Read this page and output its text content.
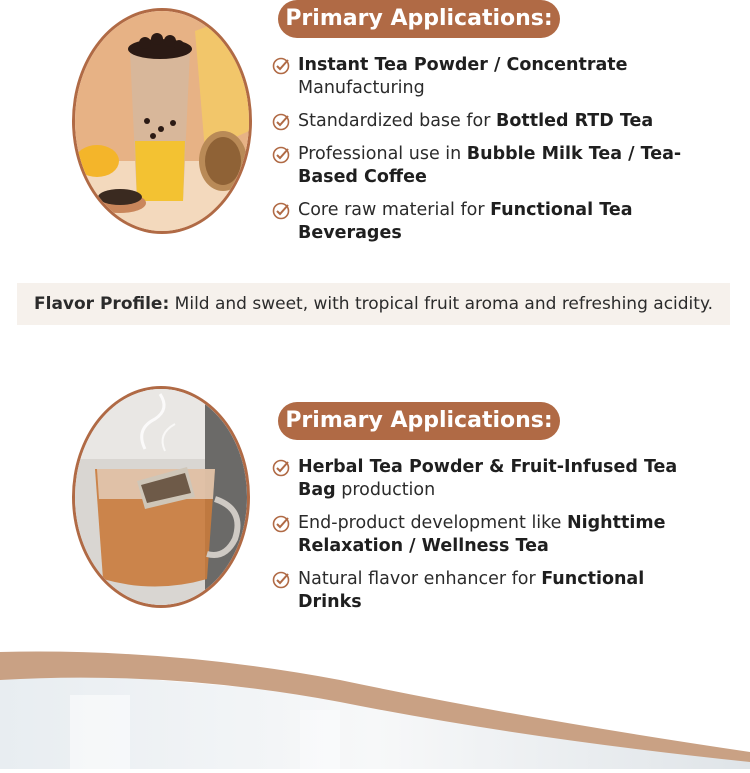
Primary Applications:
Instant Tea Powder / Concentrate
Manufacturing
Standardized base for Bottled RTD Tea
Professional use in Bubble Milk Tea / Tea-Based Coffee
Core raw material for Functional Tea Beverages
Flavor Profile: Mild and sweet, with tropical fruit aroma and refreshing acidity.
Primary Applications:
Herbal Tea Powder & Fruit-Infused Tea Bag production
End-product development like Nighttime Relaxation / Wellness Tea
Natural flavor enhancer for Functional Drinks
